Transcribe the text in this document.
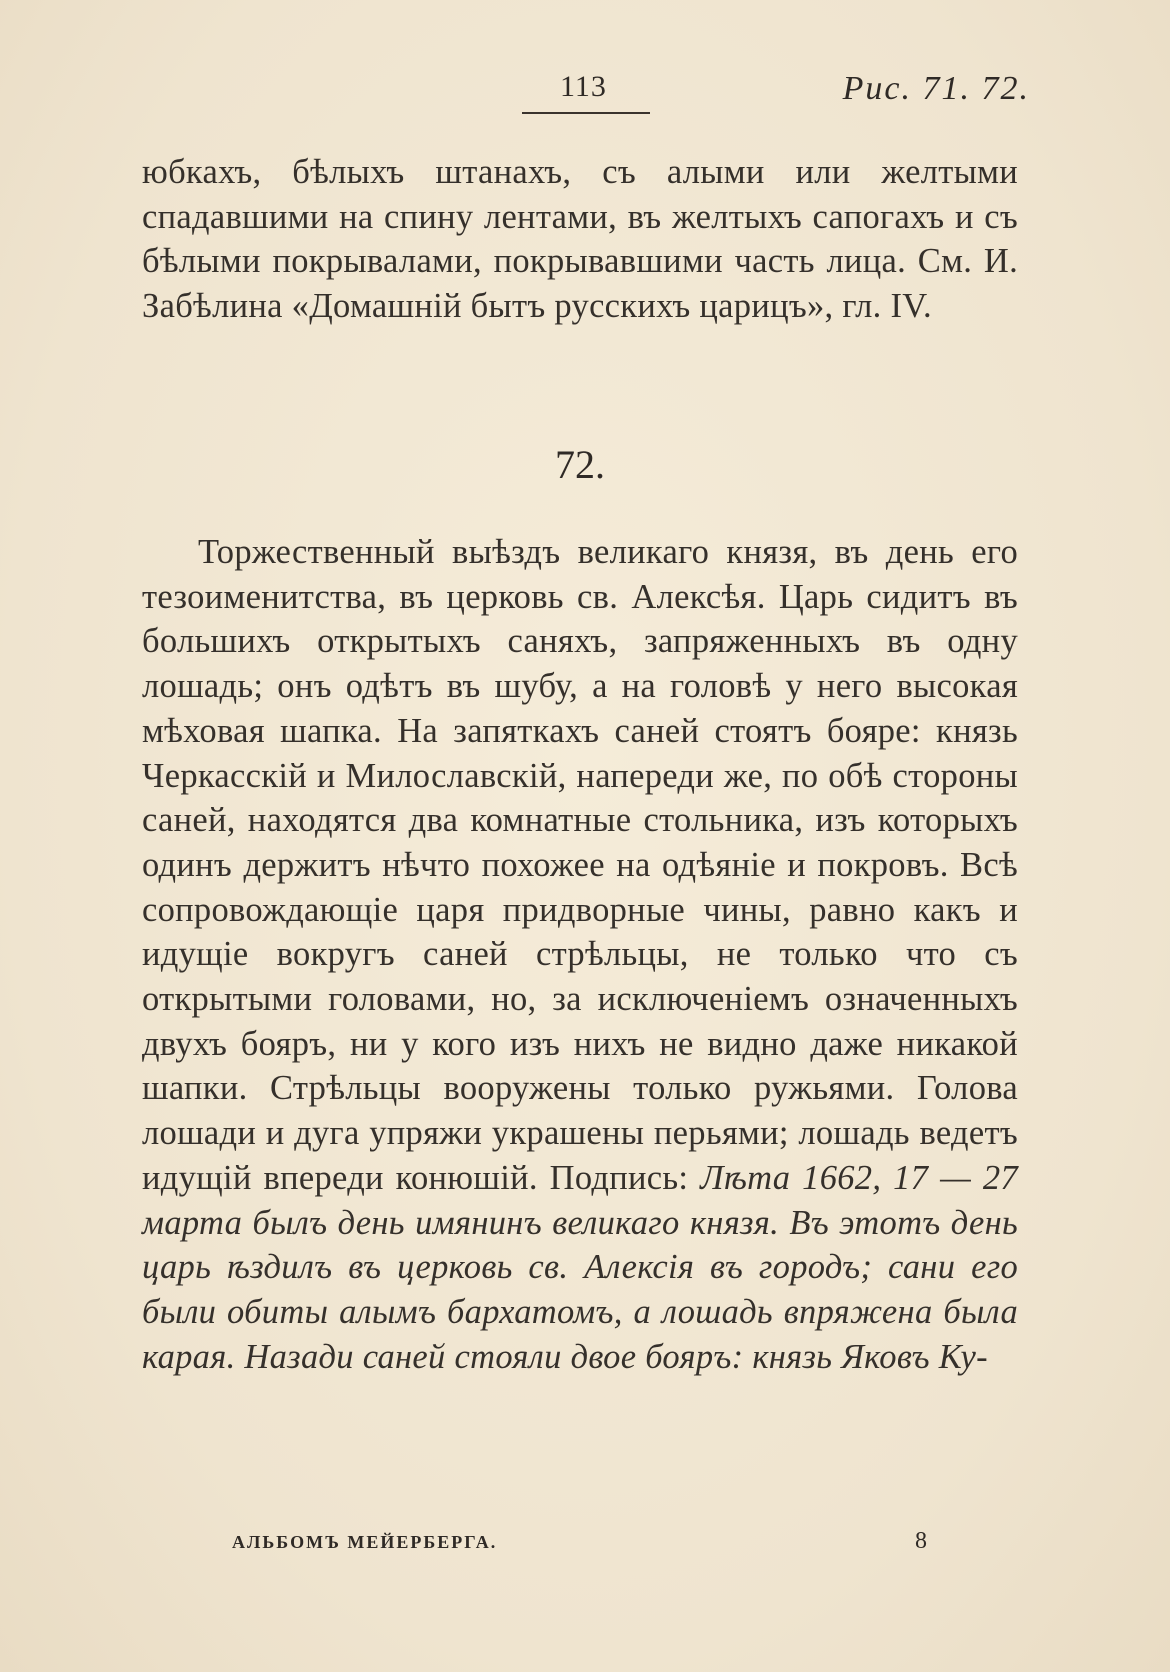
113	Рис. 71. 72.

юбкахъ, бѣлыхъ штанахъ, съ алыми или желтыми спадавшими на спину лентами, въ желтыхъ сапогахъ и съ бѣлыми покрывалами, покрывавшими часть лица. См. И. Забѣлина «Домашній бытъ русскихъ царицъ», гл. IV.

72.

Торжественный выѣздъ великаго князя, въ день его тезоименитства, въ церковь св. Алексѣя. Царь сидитъ въ большихъ открытыхъ саняхъ, запряженныхъ въ одну лошадь; онъ одѣтъ въ шубу, а на головѣ у него высокая мѣховая шапка. На запяткахъ саней стоятъ бояре: князь Черкасскій и Милославскій, напереди же, по обѣ стороны саней, находятся два комнатные стольника, изъ которыхъ одинъ держитъ нѣчто похожее на одѣяніе и покровъ. Всѣ сопровождающіе царя придворные чины, равно какъ и идущіе вокругъ саней стрѣльцы, не только что съ открытыми головами, но, за исключеніемъ означенныхъ двухъ бояръ, ни у кого изъ нихъ не видно даже никакой шапки. Стрѣльцы вооружены только ружьями. Голова лошади и дуга упряжи украшены перьями; лошадь ведетъ идущій впереди конюшій. Подпись: Лѣта 1662, 17 — 27 марта былъ день имянинъ великаго князя. Въ этотъ день царь ѣздилъ въ церковь св. Алексія въ городъ; сани его были обиты алымъ бархатомъ, а лошадь впряжена была карая. Назади саней стояли двое бояръ: князь Яковъ Ку-

АЛЬБОМЪ МЕЙЕРБЕРГА.	8
